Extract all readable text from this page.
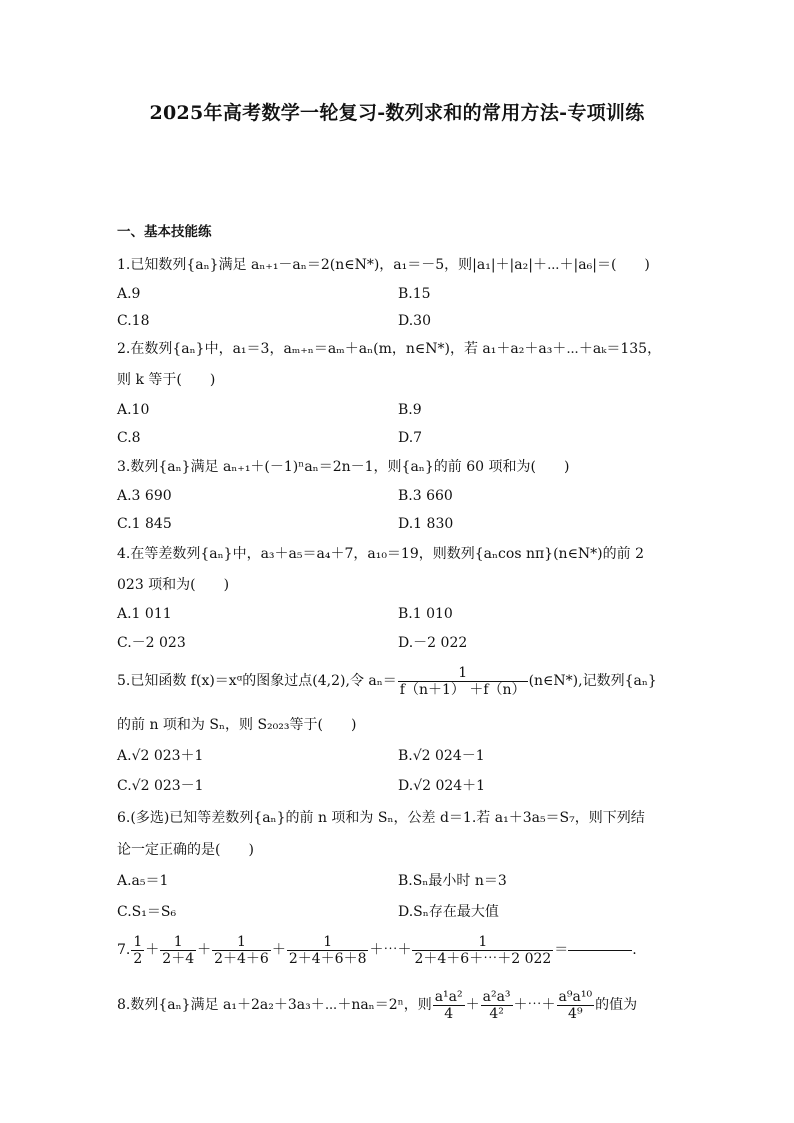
2025年高考数学一轮复习-数列求和的常用方法-专项训练
一、基本技能练
1.已知数列{aₙ}满足 aₙ₊₁－aₙ＝2(n∈N*)，a₁＝－5，则|a₁|＋|a₂|＋⋯＋|a₆|＝(　　)
A.9	B.15
C.18	D.30
2.在数列{aₙ}中，a₁＝3，aₘ₊ₙ＝aₘ＋aₙ(m，n∈N*)，若 a₁＋a₂＋a₃＋⋯＋aₖ＝135，
则 k 等于(　　)
A.10	B.9
C.8	D.7
3.数列{aₙ}满足 aₙ₊₁＋(－1)ⁿaₙ＝2n－1，则{aₙ}的前 60 项和为(　　)
A.3 690	B.3 660
C.1 845	D.1 830
4.在等差数列{aₙ}中，a₃＋a₅＝a₄＋7，a₁₀＝19，则数列{aₙcos nπ}(n∈N*)的前 2
023 项和为(　　)
A.1 011	B.1 010
C.－2 023	D.－2 022
5.已知函数 f(x)＝xᵅ的图象过点(4,2),令 $a_n= \frac{1}{f(n+1) +f(n)}$ (n∈N*),记数列{aₙ}
的前 n 项和为 Sₙ，则 S₂₀₂₃等于(　　)
A.√2 023＋1	B.√2 024－1
C.√2 023－1	D.√2 024＋1
6.(多选)已知等差数列{aₙ}的前 n 项和为 Sₙ，公差 d＝1.若 a₁＋3a₅＝S₇，则下列结
论一定正确的是(　　)
A.a₅＝1	B.Sₙ最小时 n＝3
C.S₁＝S₆	D.Sₙ存在最大值
7. $\frac{1}{2} + \frac{1}{2+4} + \frac{1}{2+4+6} + \frac{1}{2+4+6+8}$ ＋⋯＋ $\frac{1}{2+4+6+\cdots+2 022}$ ＝	.
8.数列{aₙ}满足 a₁＋2a₂＋3a₃＋⋯＋naₙ＝2ⁿ，则 $\frac{\text{a¹a²}}{4} + \frac{\text{a²a³}}{\text{4²}}$ ＋⋯＋ $\frac{\text{a⁹a¹⁰}}{\text{4⁹}}$ 的值为
